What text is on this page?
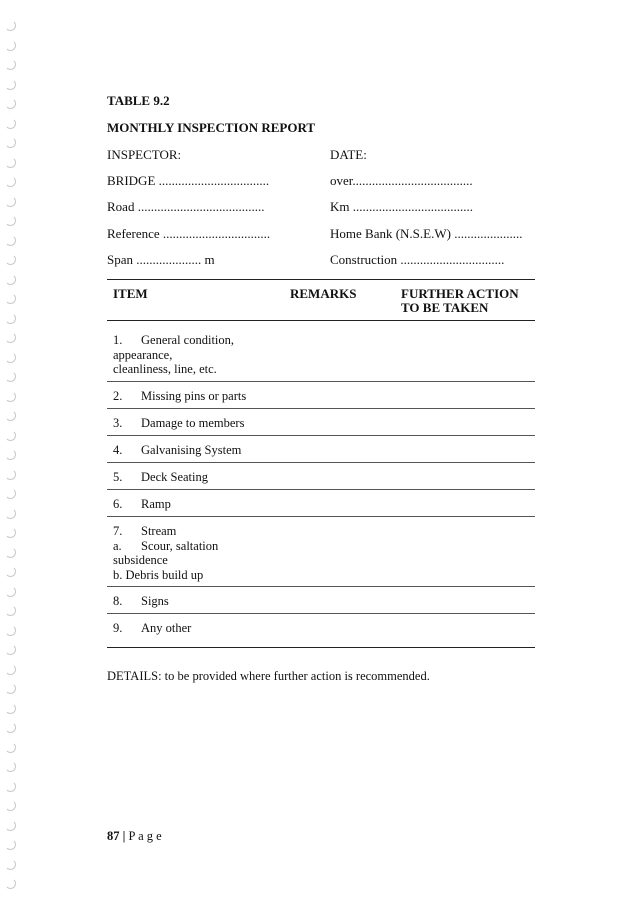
TABLE 9.2
MONTHLY INSPECTION REPORT
INSPECTOR:	DATE:
BRIDGE ..................................	over.....................................
Road .......................................	Km .....................................
Reference .................................	Home Bank (N.S.E.W) .....................
Span .................... m	Construction ................................
ITEM	REMARKS	FURTHER ACTION
TO BE TAKEN
1. General condition,
appearance,
cleanliness, line, etc.
2. Missing pins or parts
3. Damage to members
4. Galvanising System
5. Deck Seating
6. Ramp
7. Stream
a. Scour, saltation
subsidence
b. Debris build up
8. Signs
9. Any other
DETAILS: to be provided where further action is recommended.
87 | P a g e
